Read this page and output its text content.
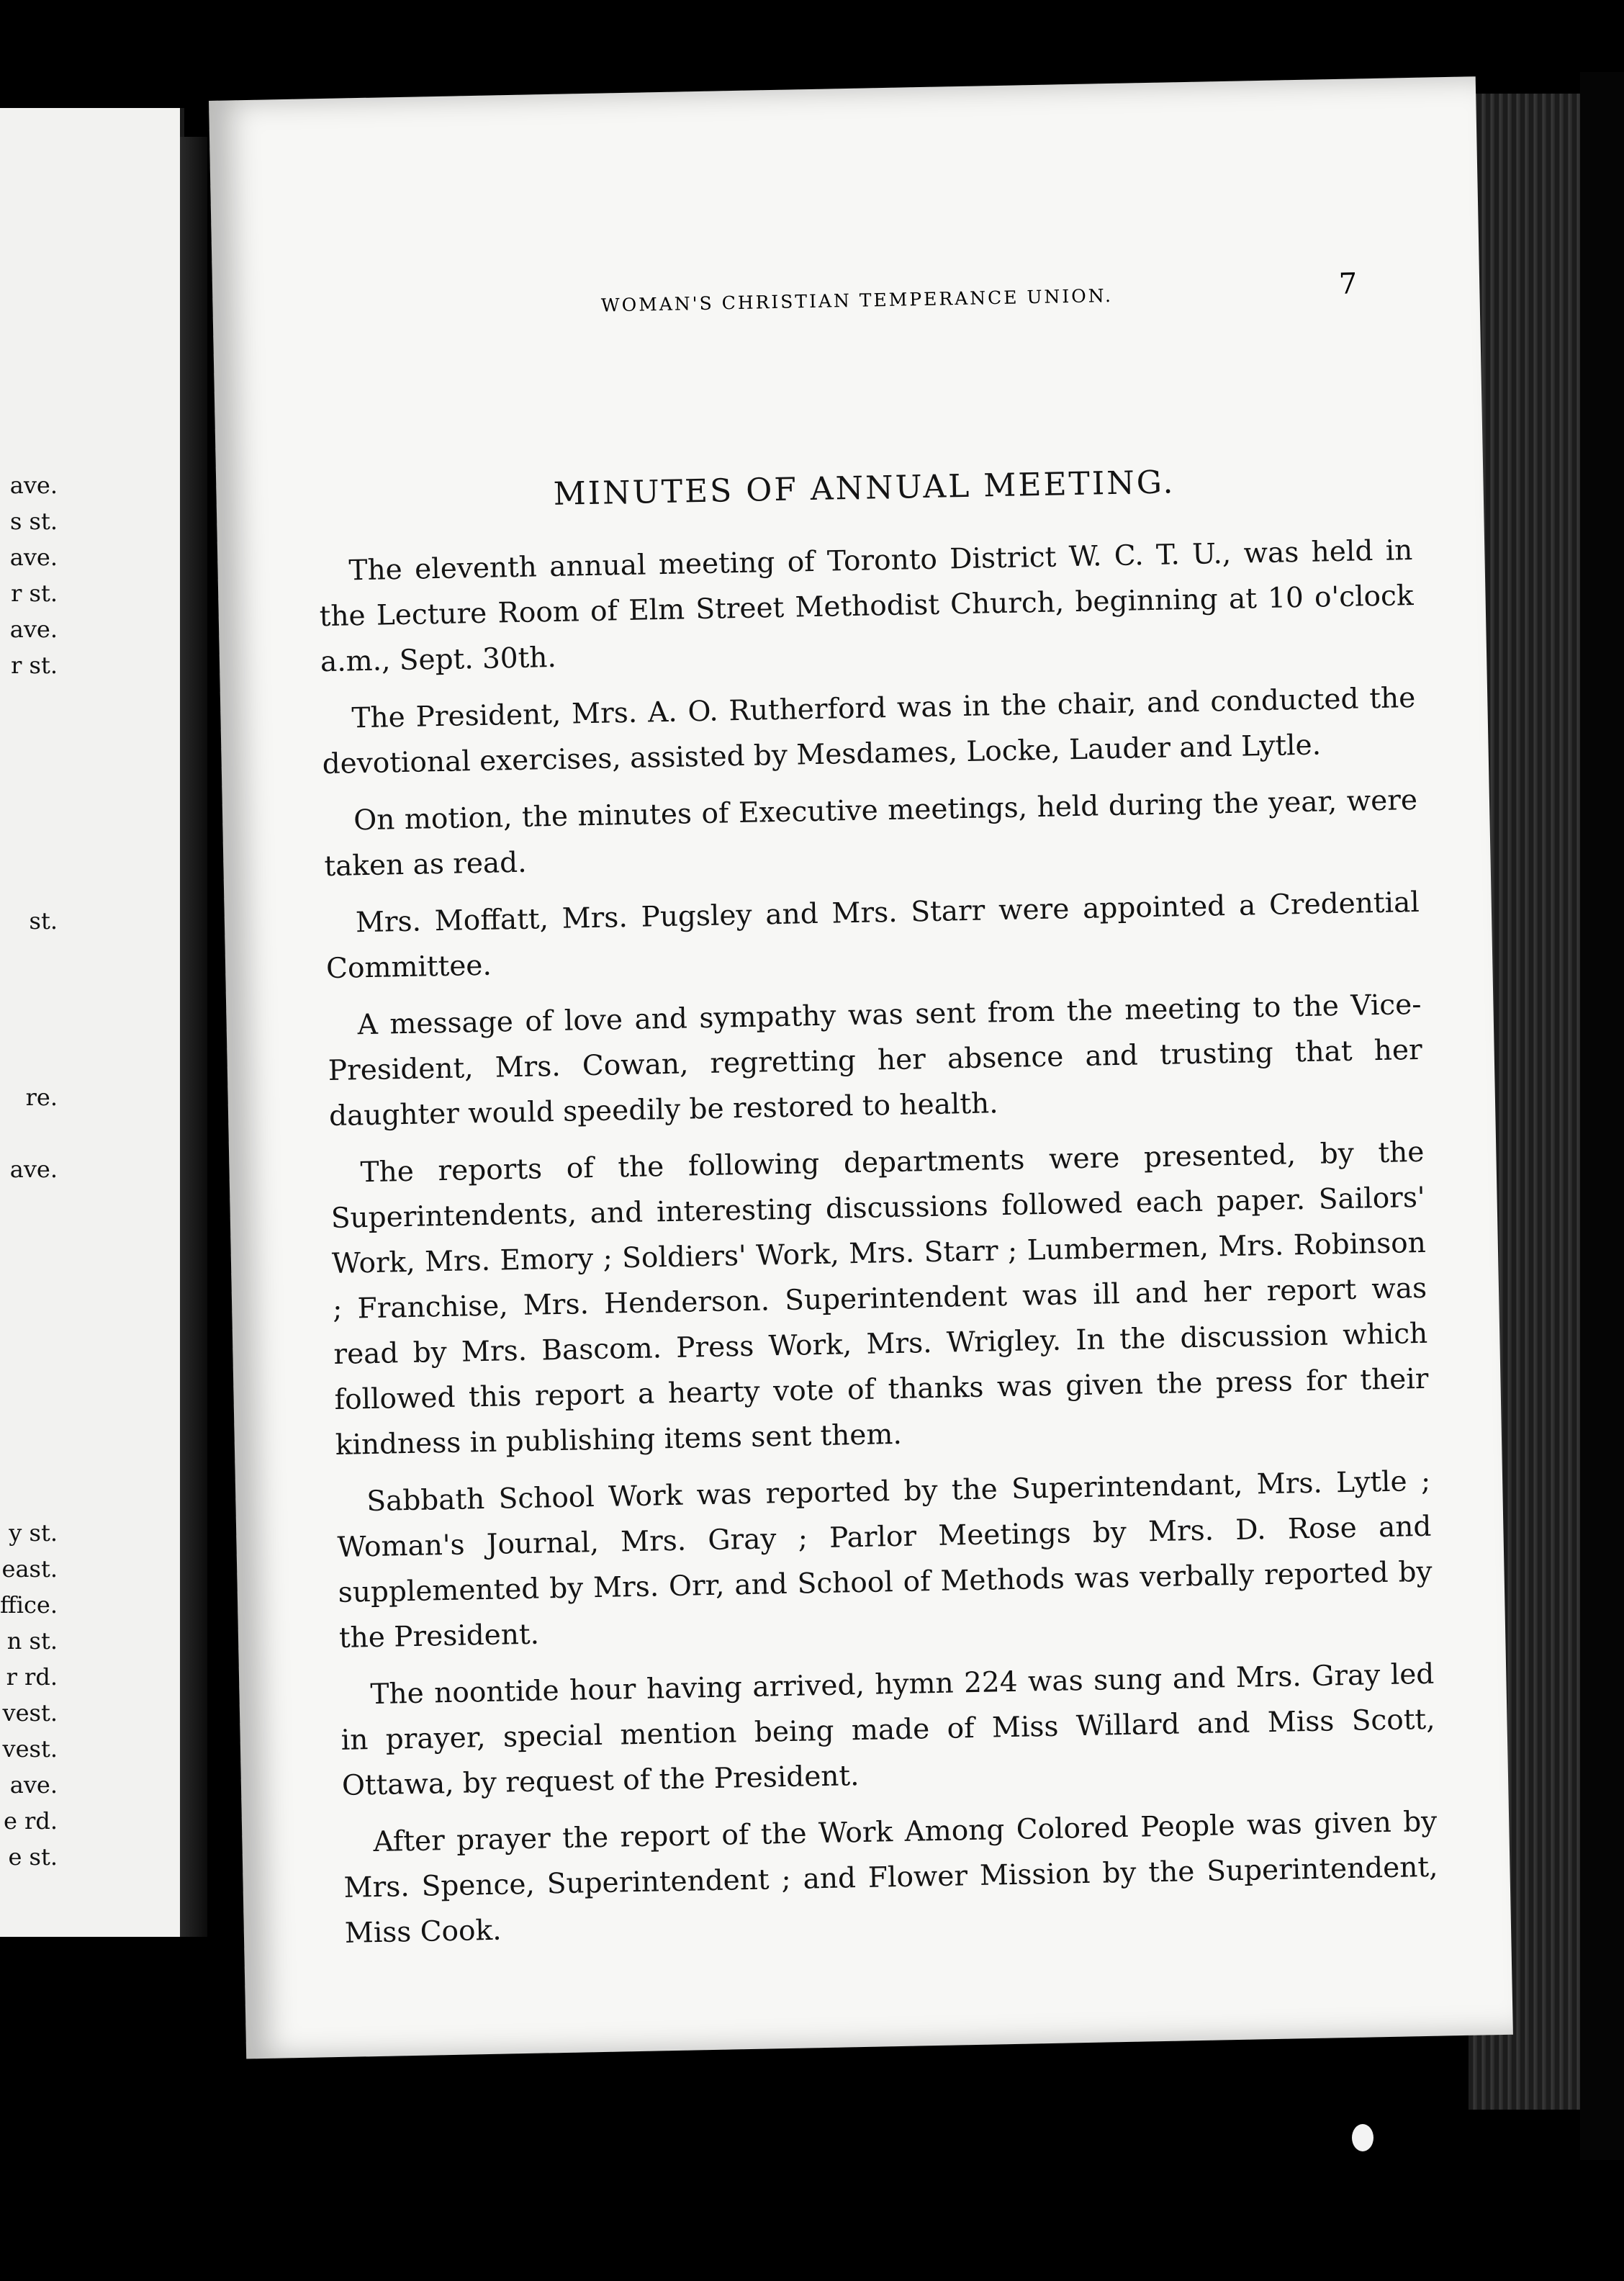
ave.
s st.
ave.
r st.
ave.
r st.
st.
re.
ave.
y st.
east.
ffice.
n st.
r rd.
vest.
vest.
ave.
e rd.
e st.
WOMAN'S CHRISTIAN TEMPERANCE UNION.	7
MINUTES OF ANNUAL MEETING.

The eleventh annual meeting of Toronto District W. C. T. U., was held in the Lecture Room of Elm Street Methodist Church, beginning at 10 o'clock a.m., Sept. 30th.

The President, Mrs. A. O. Rutherford was in the chair, and conducted the devotional exercises, assisted by Mesdames, Locke, Lauder and Lytle.

On motion, the minutes of Executive meetings, held during the year, were taken as read.

Mrs. Moffatt, Mrs. Pugsley and Mrs. Starr were appointed a Credential Committee.

A message of love and sympathy was sent from the meeting to the Vice-President, Mrs. Cowan, regretting her absence and trusting that her daughter would speedily be restored to health.

The reports of the following departments were presented, by the Superintendents, and interesting discussions followed each paper. Sailors' Work, Mrs. Emory ; Soldiers' Work, Mrs. Starr ; Lumbermen, Mrs. Robinson ; Franchise, Mrs. Henderson. Superintendent was ill and her report was read by Mrs. Bascom. Press Work, Mrs. Wrigley. In the discussion which followed this report a hearty vote of thanks was given the press for their kindness in publishing items sent them.

Sabbath School Work was reported by the Superintendant, Mrs. Lytle ; Woman's Journal, Mrs. Gray ; Parlor Meetings by Mrs. D. Rose and supplemented by Mrs. Orr, and School of Methods was verbally reported by the President.

The noontide hour having arrived, hymn 224 was sung and Mrs. Gray led in prayer, special mention being made of Miss Willard and Miss Scott, Ottawa, by request of the President.

After prayer the report of the Work Among Colored People was given by Mrs. Spence, Superintendent ; and Flower Mission by the Superintendent, Miss Cook.
